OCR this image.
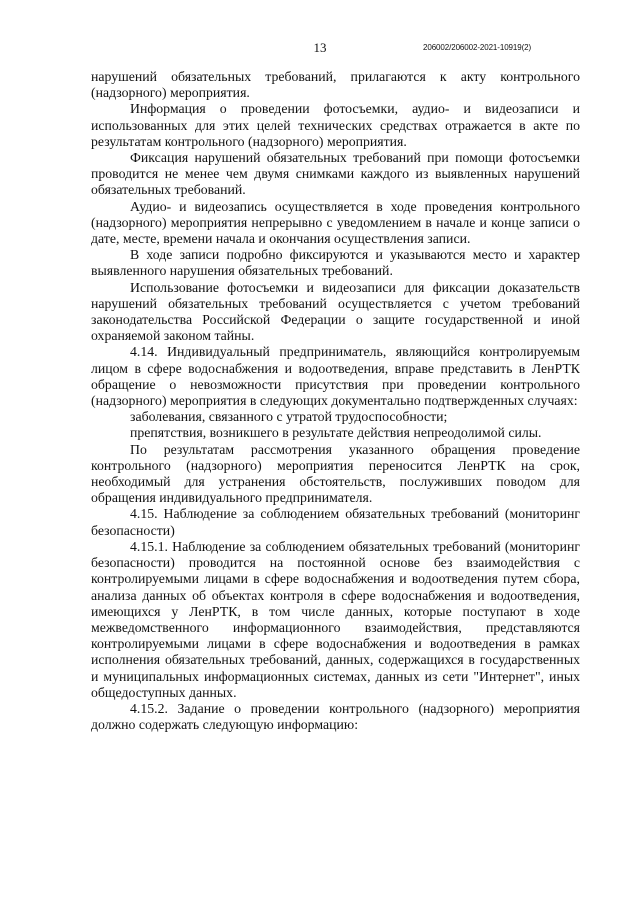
13	206002/206002-2021-10919(2)

нарушений обязательных требований, прилагаются к акту контрольного (надзорного) мероприятия.

Информация о проведении фотосъемки, аудио- и видеозаписи и использованных для этих целей технических средствах отражается в акте по результатам контрольного (надзорного) мероприятия.

Фиксация нарушений обязательных требований при помощи фотосъемки проводится не менее чем двумя снимками каждого из выявленных нарушений обязательных требований.

Аудио- и видеозапись осуществляется в ходе проведения контрольного (надзорного) мероприятия непрерывно с уведомлением в начале и конце записи о дате, месте, времени начала и окончания осуществления записи.

В ходе записи подробно фиксируются и указываются место и характер выявленного нарушения обязательных требований.

Использование фотосъемки и видеозаписи для фиксации доказательств нарушений обязательных требований осуществляется с учетом требований законодательства Российской Федерации о защите государственной и иной охраняемой законом тайны.

4.14. Индивидуальный предприниматель, являющийся контролируемым лицом в сфере водоснабжения и водоотведения, вправе представить в ЛенРТК обращение о невозможности присутствия при проведении контрольного (надзорного) мероприятия в следующих документально подтвержденных случаях:

заболевания, связанного с утратой трудоспособности;

препятствия, возникшего в результате действия непреодолимой силы.

По результатам рассмотрения указанного обращения проведение контрольного (надзорного) мероприятия переносится ЛенРТК на срок, необходимый для устранения обстоятельств, послуживших поводом для обращения индивидуального предпринимателя.

4.15. Наблюдение за соблюдением обязательных требований (мониторинг безопасности)

4.15.1. Наблюдение за соблюдением обязательных требований (мониторинг безопасности) проводится на постоянной основе без взаимодействия с контролируемыми лицами в сфере водоснабжения и водоотведения путем сбора, анализа данных об объектах контроля в сфере водоснабжения и водоотведения, имеющихся у ЛенРТК, в том числе данных, которые поступают в ходе межведомственного информационного взаимодействия, представляются контролируемыми лицами в сфере водоснабжения и водоотведения в рамках исполнения обязательных требований, данных, содержащихся в государственных и муниципальных информационных системах, данных из сети "Интернет", иных общедоступных данных.

4.15.2. Задание о проведении контрольного (надзорного) мероприятия должно содержать следующую информацию:
